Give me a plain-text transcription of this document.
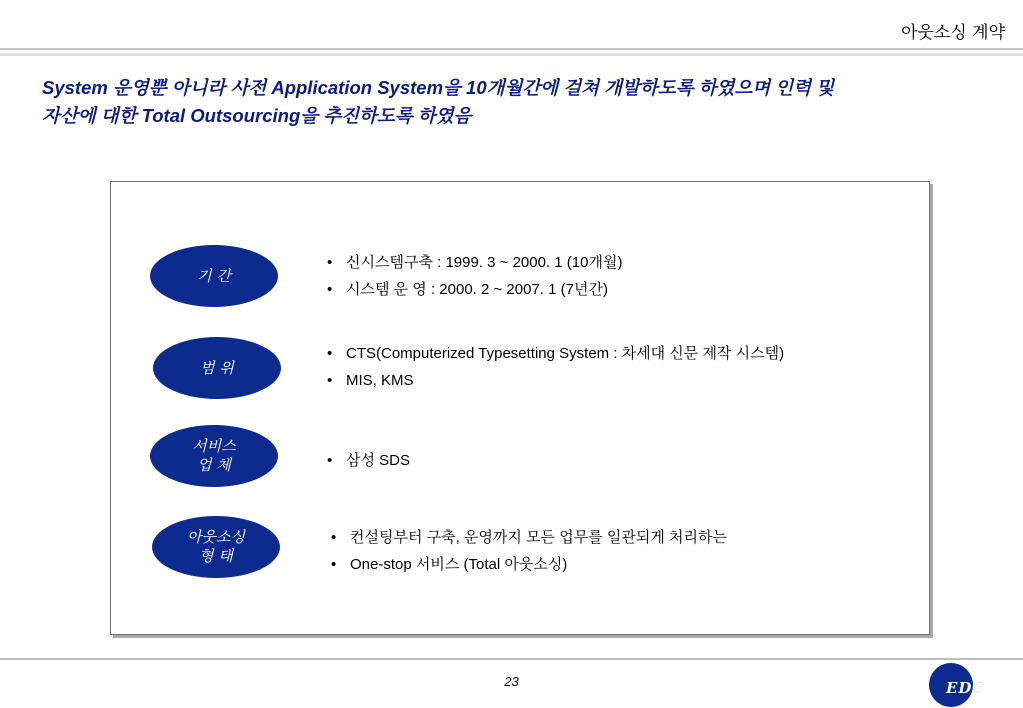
아웃소싱 계약
System 운영뿐 아니라 사전 Application System을 10개월간에 걸쳐 개발하도록 하였으며 인력 및
자산에 대한 Total Outsourcing을 추진하도록 하였음
기 간
• 신시스템구축 : 1999. 3 ~ 2000. 1 (10개월)
• 시스템 운 영 : 2000. 2 ~ 2007. 1 (7년간)
범 위
• CTS(Computerized Typesetting System : 차세대 신문 제작 시스템)
• MIS, KMS
서비스
업 체
•	삼성 SDS
아웃소싱
형 태
• 컨설팅부터 구축, 운영까지 모든 업무를 일관되게 처리하는
• One-stop 서비스 (Total 아웃소싱)
23	EDS
